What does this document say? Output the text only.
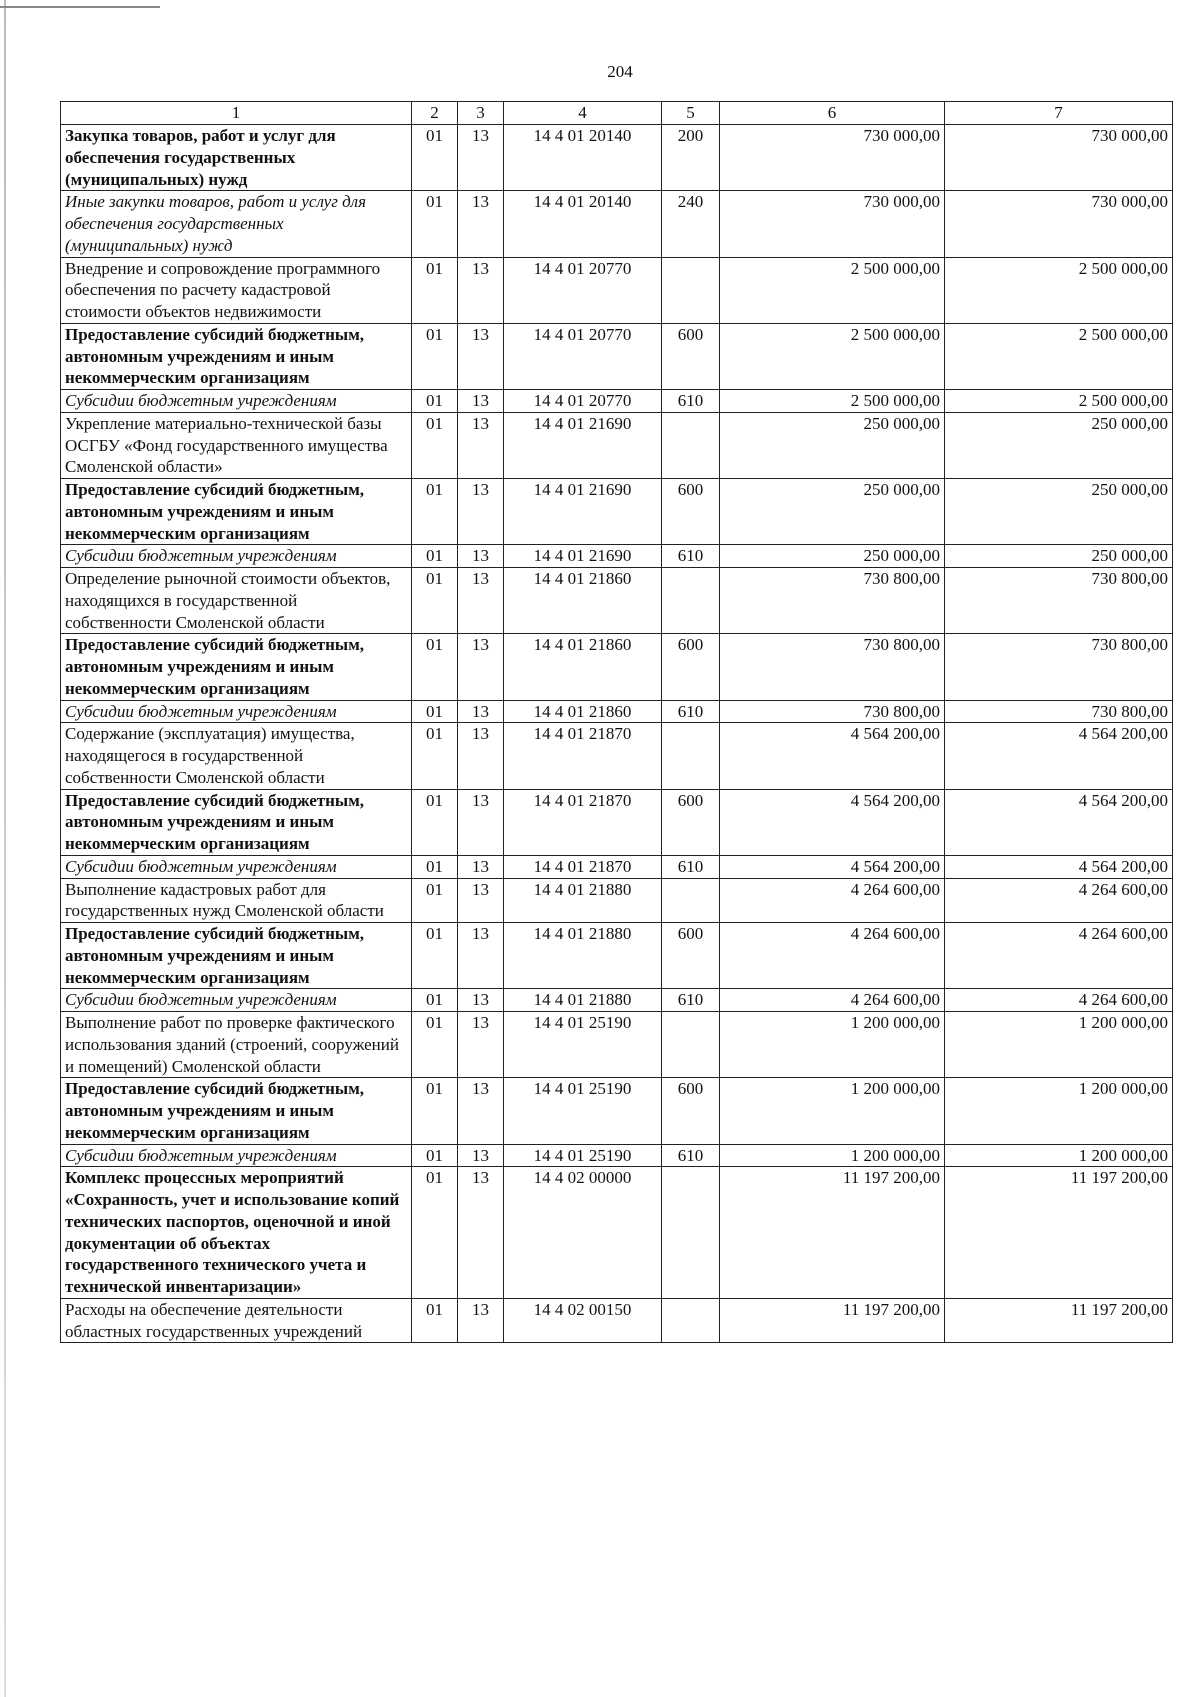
204
1	2	3	4	5	6	7
Закупка товаров, работ и услуг для обеспечения государственных (муниципальных) нужд	01	13	14 4 01 20140	200	730 000,00	730 000,00
Иные закупки товаров, работ и услуг для обеспечения государственных (муниципальных) нужд	01	13	14 4 01 20140	240	730 000,00	730 000,00
Внедрение и сопровождение программного обеспечения по расчету кадастровой стоимости объектов недвижимости	01	13	14 4 01 20770		2 500 000,00	2 500 000,00
Предоставление субсидий бюджетным, автономным учреждениям и иным некоммерческим организациям	01	13	14 4 01 20770	600	2 500 000,00	2 500 000,00
Субсидии бюджетным учреждениям	01	13	14 4 01 20770	610	2 500 000,00	2 500 000,00
Укрепление материально-технической базы ОСГБУ «Фонд государственного имущества Смоленской области»	01	13	14 4 01 21690		250 000,00	250 000,00
Предоставление субсидий бюджетным, автономным учреждениям и иным некоммерческим организациям	01	13	14 4 01 21690	600	250 000,00	250 000,00
Субсидии бюджетным учреждениям	01	13	14 4 01 21690	610	250 000,00	250 000,00
Определение рыночной стоимости объектов, находящихся в государственной собственности Смоленской области	01	13	14 4 01 21860		730 800,00	730 800,00
Предоставление субсидий бюджетным, автономным учреждениям и иным некоммерческим организациям	01	13	14 4 01 21860	600	730 800,00	730 800,00
Субсидии бюджетным учреждениям	01	13	14 4 01 21860	610	730 800,00	730 800,00
Содержание (эксплуатация) имущества, находящегося в государственной собственности Смоленской области	01	13	14 4 01 21870		4 564 200,00	4 564 200,00
Предоставление субсидий бюджетным, автономным учреждениям и иным некоммерческим организациям	01	13	14 4 01 21870	600	4 564 200,00	4 564 200,00
Субсидии бюджетным учреждениям	01	13	14 4 01 21870	610	4 564 200,00	4 564 200,00
Выполнение кадастровых работ для государственных нужд Смоленской области	01	13	14 4 01 21880		4 264 600,00	4 264 600,00
Предоставление субсидий бюджетным, автономным учреждениям и иным некоммерческим организациям	01	13	14 4 01 21880	600	4 264 600,00	4 264 600,00
Субсидии бюджетным учреждениям	01	13	14 4 01 21880	610	4 264 600,00	4 264 600,00
Выполнение работ по проверке фактического использования зданий (строений, сооружений и помещений) Смоленской области	01	13	14 4 01 25190		1 200 000,00	1 200 000,00
Предоставление субсидий бюджетным, автономным учреждениям и иным некоммерческим организациям	01	13	14 4 01 25190	600	1 200 000,00	1 200 000,00
Субсидии бюджетным учреждениям	01	13	14 4 01 25190	610	1 200 000,00	1 200 000,00
Комплекс процессных мероприятий «Сохранность, учет и использование копий технических паспортов, оценочной и иной документации об объектах государственного технического учета и технической инвентаризации»	01	13	14 4 02 00000		11 197 200,00	11 197 200,00
Расходы на обеспечение деятельности областных государственных учреждений	01	13	14 4 02 00150		11 197 200,00	11 197 200,00
